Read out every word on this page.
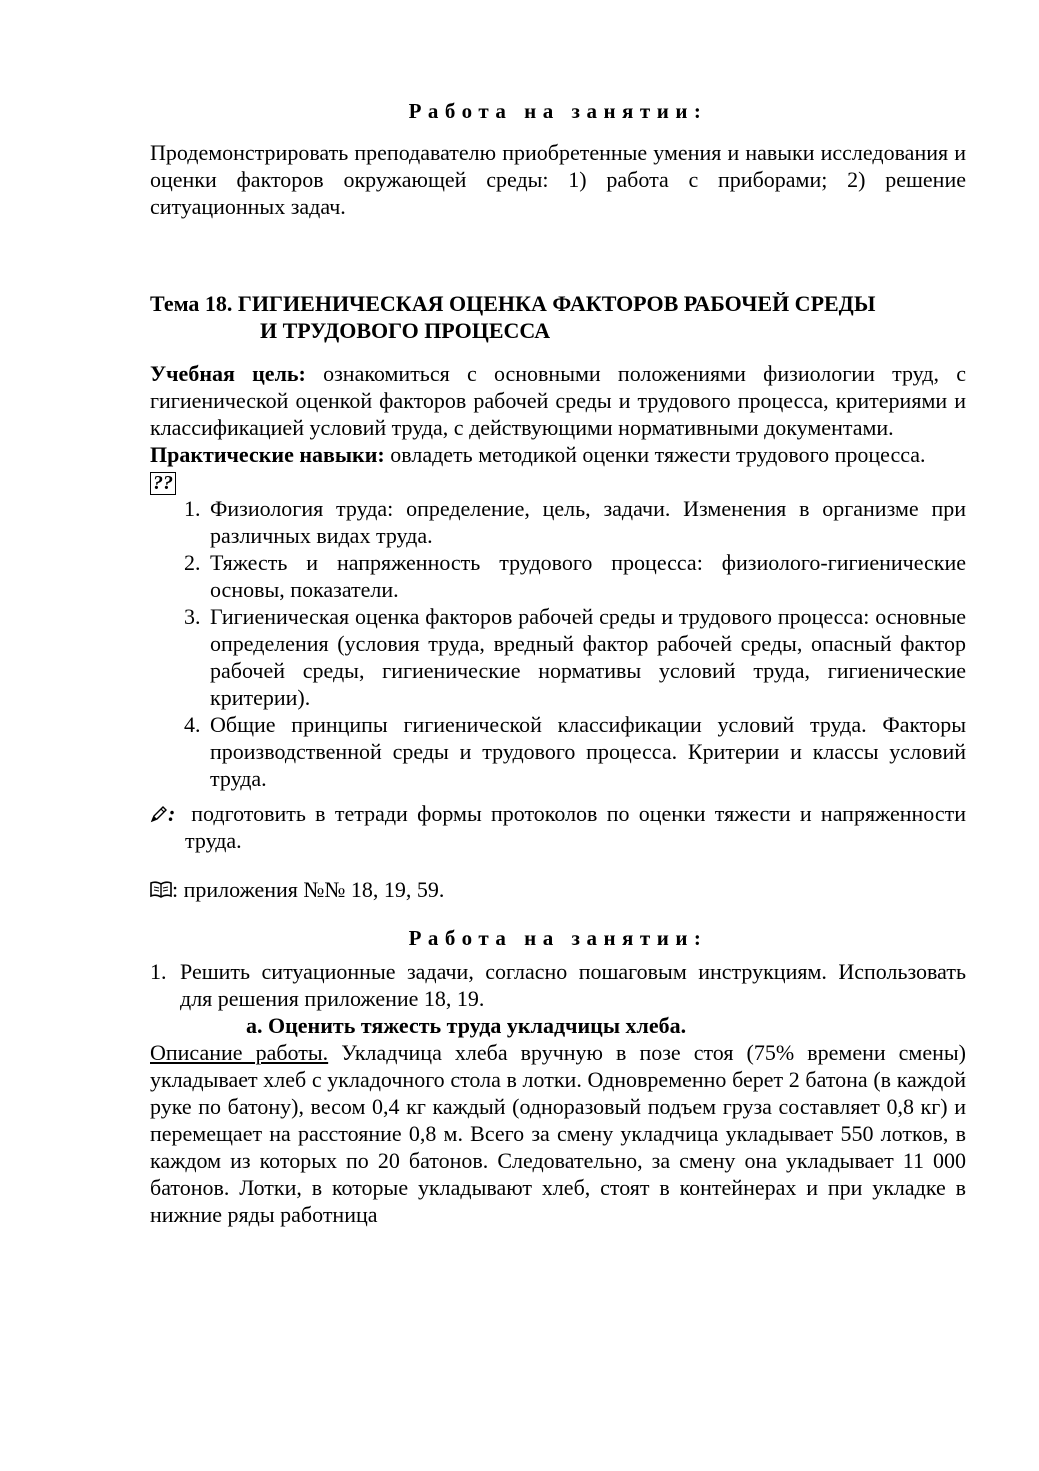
Работа на занятии:

Продемонстрировать преподавателю приобретенные умения и навыки исследования и оценки факторов окружающей среды: 1) работа с приборами; 2) решение ситуационных задач.

Тема 18. ГИГИЕНИЧЕСКАЯ ОЦЕНКА ФАКТОРОВ РАБОЧЕЙ СРЕДЫ
И ТРУДОВОГО ПРОЦЕССА

Учебная цель: ознакомиться с основными положениями физиологии труд, с гигиенической оценкой факторов рабочей среды и трудового процесса, критериями и классификацией условий труда, с действующими нормативными документами.

Практические навыки: овладеть методикой оценки тяжести трудового процесса.

??
1. Физиология труда: определение, цель, задачи. Изменения в организме при различных видах труда.
2. Тяжесть и напряженность трудового процесса: физиолого-гигиенические основы, показатели.
3. Гигиеническая оценка факторов рабочей среды и трудового процесса: основные определения (условия труда, вредный фактор рабочей среды, опасный фактор рабочей среды, гигиенические нормативы условий труда, гигиенические критерии).
4. Общие принципы гигиенической классификации условий труда. Факторы производственной среды и трудового процесса. Критерии и классы условий труда.

: подготовить в тетради формы протоколов по оценки тяжести и напряженности труда.

: приложения №№ 18, 19, 59.

Работа на занятии:

1. Решить ситуационные задачи, согласно пошаговым инструкциям. Использовать для решения приложение 18, 19.

а. Оценить тяжесть труда укладчицы хлеба.

Описание работы. Укладчица хлеба вручную в позе стоя (75% времени смены) укладывает хлеб с укладочного стола в лотки. Одновременно берет 2 батона (в каждой руке по батону), весом 0,4 кг каждый (одноразовый подъем груза составляет 0,8 кг) и перемещает на расстояние 0,8 м. Всего за смену укладчица укладывает 550 лотков, в каждом из которых по 20 батонов. Следовательно, за смену она укладывает 11 000 батонов. Лотки, в которые укладывают хлеб, стоят в контейнерах и при укладке в нижние ряды работница
